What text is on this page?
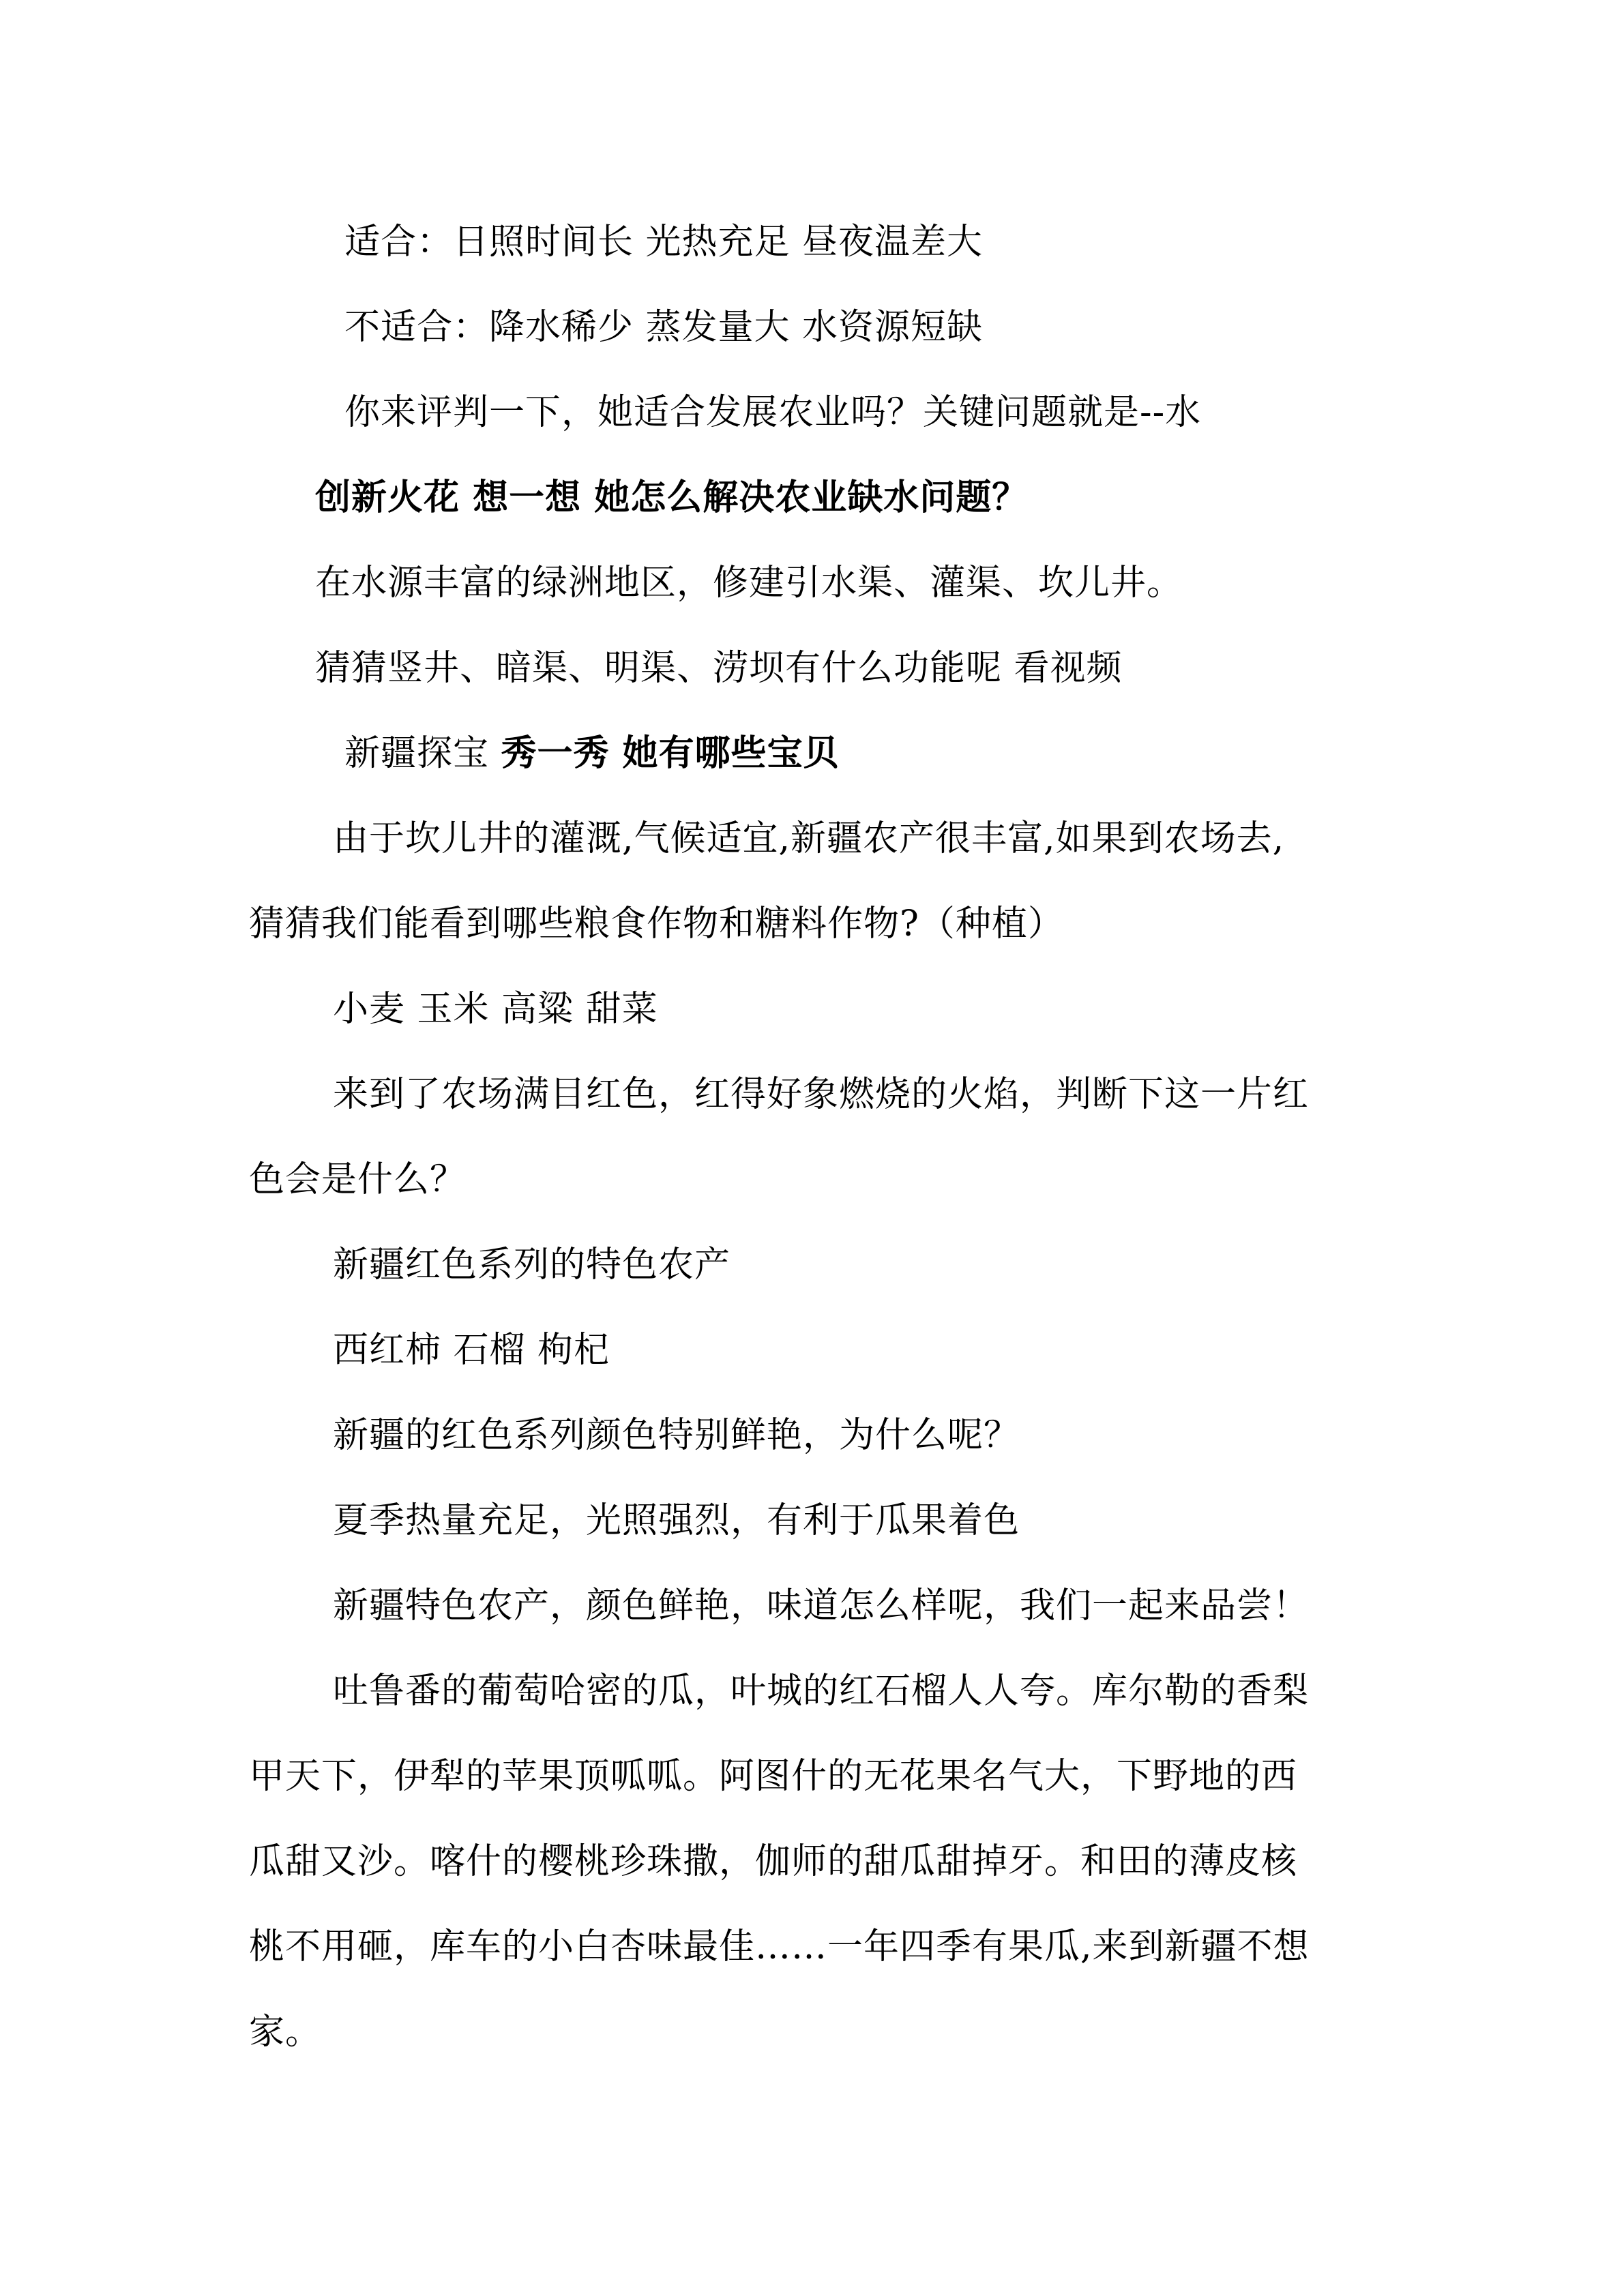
适合：日照时间长 光热充足 昼夜温差大
不适合：降水稀少 蒸发量大 水资源短缺
你来评判一下，她适合发展农业吗？关键问题就是--水
创新火花 想一想 她怎么解决农业缺水问题？
在水源丰富的绿洲地区，修建引水渠、灌渠、坎儿井。
猜猜竖井、暗渠、明渠、涝坝有什么功能呢 看视频
新疆探宝 秀一秀 她有哪些宝贝
由于坎儿井的灌溉,气候适宜,新疆农产很丰富,如果到农场去,
猜猜我们能看到哪些粮食作物和糖料作物?（种植）
小麦 玉米 高粱 甜菜
来到了农场满目红色，红得好象燃烧的火焰，判断下这一片红
色会是什么？
新疆红色系列的特色农产
西红柿 石榴 枸杞
新疆的红色系列颜色特别鲜艳，为什么呢？
夏季热量充足，光照强烈，有利于瓜果着色
新疆特色农产，颜色鲜艳，味道怎么样呢，我们一起来品尝！
吐鲁番的葡萄哈密的瓜，叶城的红石榴人人夸。库尔勒的香梨
甲天下，伊犁的苹果顶呱呱。阿图什的无花果名气大，下野地的西
瓜甜又沙。喀什的樱桃珍珠撒，伽师的甜瓜甜掉牙。和田的薄皮核
桃不用砸，库车的小白杏味最佳……一年四季有果瓜,来到新疆不想
家。
